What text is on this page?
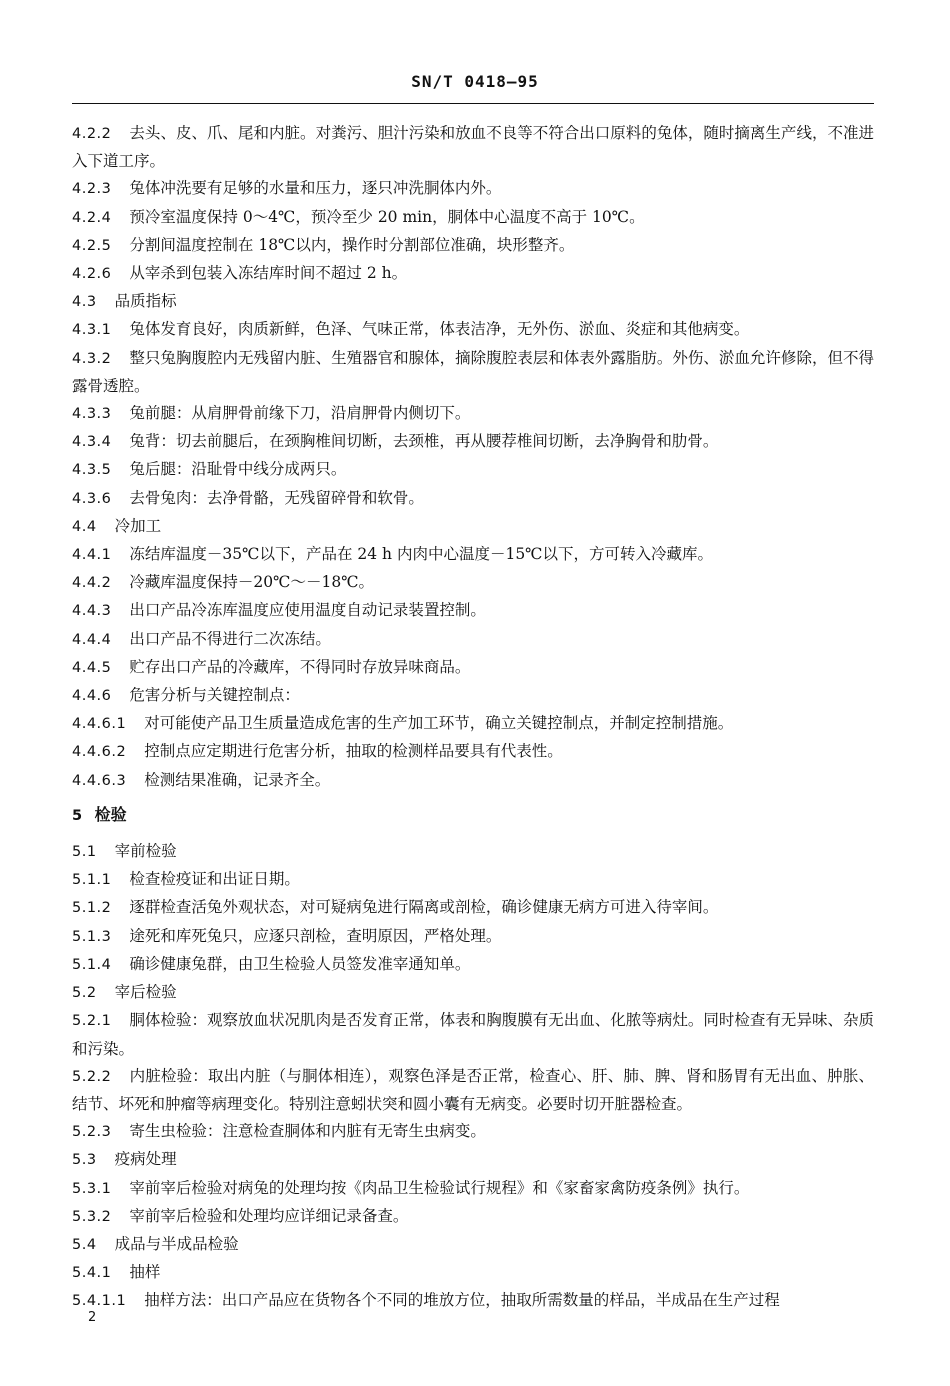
SN/T 0418—95

4.2.2 去头、皮、爪、尾和内脏。对粪污、胆汁污染和放血不良等不符合出口原料的兔体，随时摘离生产线，不准进入下道工序。

4.2.3 兔体冲洗要有足够的水量和压力，逐只冲洗胴体内外。

4.2.4 预冷室温度保持 0～4℃，预冷至少 20 min，胴体中心温度不高于 10℃。

4.2.5 分割间温度控制在 18℃以内，操作时分割部位准确，块形整齐。

4.2.6 从宰杀到包装入冻结库时间不超过 2 h。

4.3 品质指标

4.3.1 兔体发育良好，肉质新鲜，色泽、气味正常，体表洁净，无外伤、淤血、炎症和其他病变。

4.3.2 整只兔胸腹腔内无残留内脏、生殖器官和腺体，摘除腹腔表层和体表外露脂肪。外伤、淤血允许修除，但不得露骨透腔。

4.3.3 兔前腿：从肩胛骨前缘下刀，沿肩胛骨内侧切下。

4.3.4 兔背：切去前腿后，在颈胸椎间切断，去颈椎，再从腰荐椎间切断，去净胸骨和肋骨。

4.3.5 兔后腿：沿耻骨中线分成两只。

4.3.6 去骨兔肉：去净骨骼，无残留碎骨和软骨。

4.4 冷加工

4.4.1 冻结库温度－35℃以下，产品在 24 h 内肉中心温度－15℃以下，方可转入冷藏库。

4.4.2 冷藏库温度保持－20℃～－18℃。

4.4.3 出口产品冷冻库温度应使用温度自动记录装置控制。

4.4.4 出口产品不得进行二次冻结。

4.4.5 贮存出口产品的冷藏库，不得同时存放异味商品。

4.4.6 危害分析与关键控制点：

4.4.6.1 对可能使产品卫生质量造成危害的生产加工环节，确立关键控制点，并制定控制措施。

4.4.6.2 控制点应定期进行危害分析，抽取的检测样品要具有代表性。

4.4.6.3 检测结果准确，记录齐全。

5 检验

5.1 宰前检验

5.1.1 检查检疫证和出证日期。

5.1.2 逐群检查活兔外观状态，对可疑病兔进行隔离或剖检，确诊健康无病方可进入待宰间。

5.1.3 途死和库死兔只，应逐只剖检，查明原因，严格处理。

5.1.4 确诊健康兔群，由卫生检验人员签发准宰通知单。

5.2 宰后检验

5.2.1 胴体检验：观察放血状况肌肉是否发育正常，体表和胸腹膜有无出血、化脓等病灶。同时检查有无异味、杂质和污染。

5.2.2 内脏检验：取出内脏（与胴体相连），观察色泽是否正常，检查心、肝、肺、脾、肾和肠胃有无出血、肿胀、结节、坏死和肿瘤等病理变化。特别注意蚓状突和圆小囊有无病变。必要时切开脏器检查。

5.2.3 寄生虫检验：注意检查胴体和内脏有无寄生虫病变。

5.3 疫病处理

5.3.1 宰前宰后检验对病兔的处理均按《肉品卫生检验试行规程》和《家畜家禽防疫条例》执行。

5.3.2 宰前宰后检验和处理均应详细记录备查。

5.4 成品与半成品检验

5.4.1 抽样

5.4.1.1 抽样方法：出口产品应在货物各个不同的堆放方位，抽取所需数量的样品，半成品在生产过程

2
